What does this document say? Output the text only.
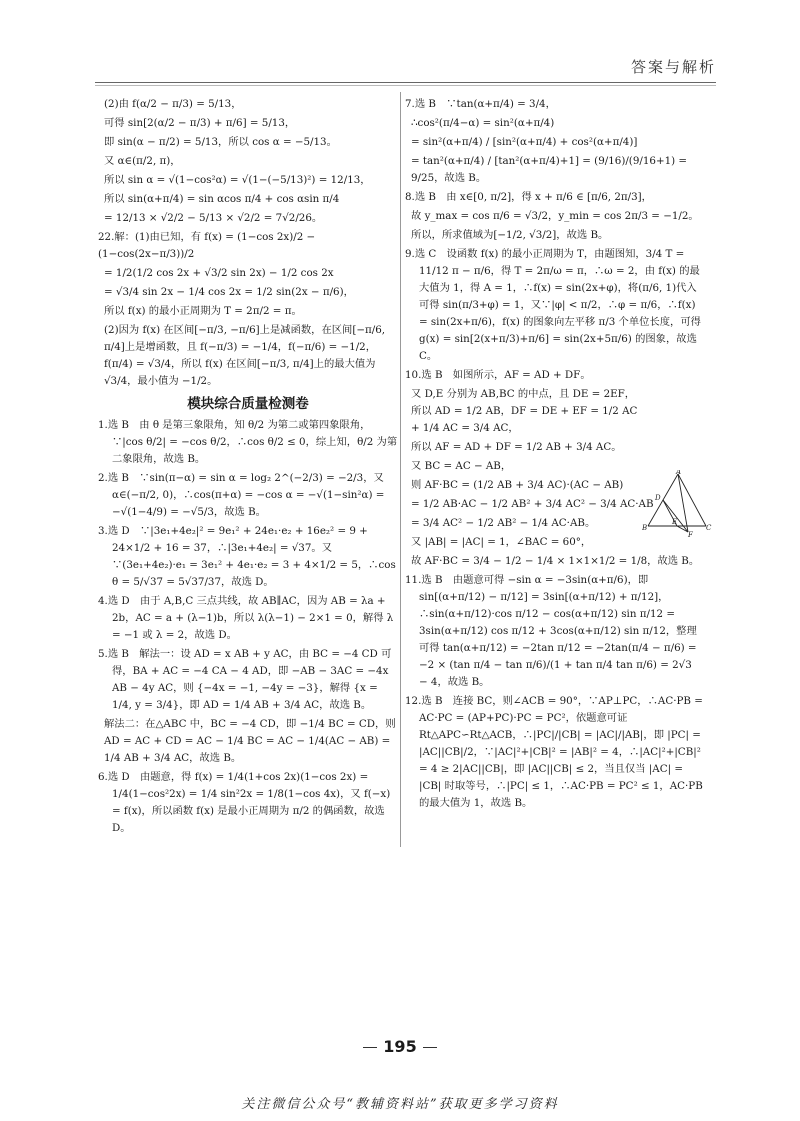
答案与解析

(2)由 f(α/2 − π/3) = 5/13，

可得 sin[2(α/2 − π/3) + π/6] = 5/13，

即 sin(α − π/2) = 5/13，所以 cos α = −5/13。

又 α∈(π/2, π)，

所以 sin α = √(1−cos²α) = √(1−(−5/13)²) = 12/13，

所以 sin(α+π/4) = sin αcos π/4 + cos αsin π/4

= 12/13 × √2/2 − 5/13 × √2/2 = 7√2/26。

22.解：(1)由已知，有 f(x) = (1−cos 2x)/2 − (1−cos(2x−π/3))/2

= 1/2(1/2 cos 2x + √3/2 sin 2x) − 1/2 cos 2x

= √3/4 sin 2x − 1/4 cos 2x = 1/2 sin(2x − π/6)，

所以 f(x) 的最小正周期为 T = 2π/2 = π。

(2)因为 f(x) 在区间[−π/3, −π/6]上是减函数，在区间[−π/6, π/4]上是增函数，且 f(−π/3) = −1/4，f(−π/6) = −1/2，f(π/4) = √3/4，所以 f(x) 在区间[−π/3, π/4]上的最大值为 √3/4，最小值为 −1/2。

模块综合质量检测卷

1.选 B　由 θ 是第三象限角，知 θ/2 为第二或第四象限角，∵|cos θ/2| = −cos θ/2，∴cos θ/2 ≤ 0，综上知，θ/2 为第二象限角，故选 B。

2.选 B　∵sin(π−α) = sin α = log₂ 2^(−2/3) = −2/3，又 α∈(−π/2, 0)，∴cos(π+α) = −cos α = −√(1−sin²α) = −√(1−4/9) = −√5/3，故选 B。

3.选 D　∵|3e₁+4e₂|² = 9e₁² + 24e₁·e₂ + 16e₂² = 9 + 24×1/2 + 16 = 37，∴|3e₁+4e₂| = √37。又∵(3e₁+4e₂)·e₁ = 3e₁² + 4e₁·e₂ = 3 + 4×1/2 = 5，∴cos θ = 5/√37 = 5√37/37，故选 D。

4.选 D　由于 A,B,C 三点共线，故 AB∥AC，因为 AB = λa + 2b，AC = a + (λ−1)b，所以 λ(λ−1) − 2×1 = 0，解得 λ = −1 或 λ = 2，故选 D。

5.选 B　解法一：设 AD = x AB + y AC，由 BC = −4 CD 可得，BA + AC = −4 CA − 4 AD，即 −AB − 3AC = −4x AB − 4y AC，则 {−4x = −1, −4y = −3}，解得 {x = 1/4, y = 3/4}，即 AD = 1/4 AB + 3/4 AC，故选 B。

解法二：在△ABC 中，BC = −4 CD，即 −1/4 BC = CD，则 AD = AC + CD = AC − 1/4 BC = AC − 1/4(AC − AB) = 1/4 AB + 3/4 AC，故选 B。

6.选 D　由题意，得 f(x) = 1/4(1+cos 2x)(1−cos 2x) = 1/4(1−cos²2x) = 1/4 sin²2x = 1/8(1−cos 4x)，又 f(−x) = f(x)，所以函数 f(x) 是最小正周期为 π/2 的偶函数，故选 D。

7.选 B　∵tan(α+π/4) = 3/4，

∴cos²(π/4−α) = sin²(α+π/4)

= sin²(α+π/4) / [sin²(α+π/4) + cos²(α+π/4)]

= tan²(α+π/4) / [tan²(α+π/4)+1] = (9/16)/(9/16+1) = 9/25，故选 B。

8.选 B　由 x∈[0, π/2]，得 x + π/6 ∈ [π/6, 2π/3]，

故 y_max = cos π/6 = √3/2，y_min = cos 2π/3 = −1/2。

所以，所求值域为[−1/2, √3/2]，故选 B。

9.选 C　设函数 f(x) 的最小正周期为 T，由题图知，3/4 T = 11/12 π − π/6，得 T = 2π/ω = π，∴ω = 2，由 f(x) 的最大值为 1，得 A = 1，∴f(x) = sin(2x+φ)，将(π/6, 1)代入可得 sin(π/3+φ) = 1，又∵|φ| < π/2，∴φ = π/6，∴f(x) = sin(2x+π/6)，f(x) 的图象向左平移 π/3 个单位长度，可得 g(x) = sin[2(x+π/3)+π/6] = sin(2x+5π/6) 的图象，故选 C。

10.选 B　如图所示，AF = AD + DF。

又 D,E 分别为 AB,BC 的中点，且 DE = 2EF，所以 AD = 1/2 AB，DF = DE + EF = 1/2 AC + 1/4 AC = 3/4 AC，

所以 AF = AD + DF = 1/2 AB + 3/4 AC。

又 BC = AC − AB，

则 AF·BC = (1/2 AB + 3/4 AC)·(AC − AB)

= 1/2 AB·AC − 1/2 AB² + 3/4 AC² − 3/4 AC·AB

= 3/4 AC² − 1/2 AB² − 1/4 AC·AB。

又 |AB| = |AC| = 1，∠BAC = 60°，

故 AF·BC = 3/4 − 1/2 − 1/4 × 1×1×1/2 = 1/8，故选 B。

11.选 B　由题意可得 −sin α = −3sin(α+π/6)，即 sin[(α+π/12) − π/12] = 3sin[(α+π/12) + π/12]，∴sin(α+π/12)·cos π/12 − cos(α+π/12) sin π/12 = 3sin(α+π/12) cos π/12 + 3cos(α+π/12) sin π/12，整理可得 tan(α+π/12) = −2tan π/12 = −2tan(π/4 − π/6) = −2 × (tan π/4 − tan π/6)/(1 + tan π/4 tan π/6) = 2√3 − 4，故选 B。

12.选 B　连接 BC，则∠ACB = 90°，∵AP⊥PC，∴AC·PB = AC·PC = (AP+PC)·PC = PC²，依题意可证 Rt△APC∽Rt△ACB，∴|PC|/|CB| = |AC|/|AB|，即 |PC| = |AC||CB|/2，∵|AC|²+|CB|² = |AB|² = 4，∴|AC|²+|CB|² = 4 ≥ 2|AC||CB|，即 |AC||CB| ≤ 2，当且仅当 |AC| = |CB| 时取等号，∴|PC| ≤ 1，∴AC·PB = PC² ≤ 1，AC·PB 的最大值为 1，故选 B。

A
D
E
F
B	C
195
关注微信公众号“教辅资料站”获取更多学习资料
